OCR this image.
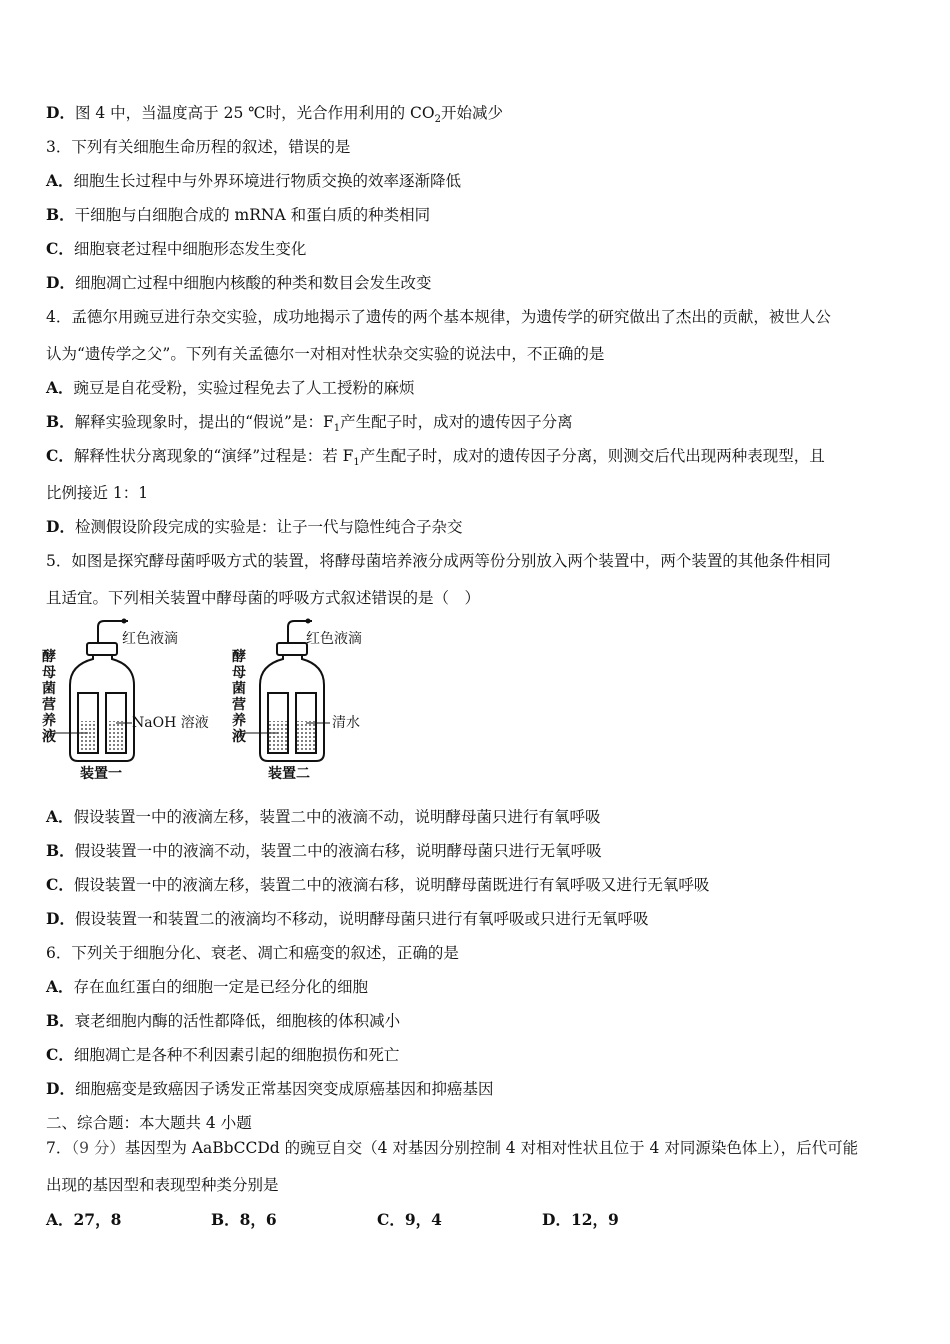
D．图 4 中，当温度高于 25 ℃时，光合作用利用的 $CO_2$开始减少
3．下列有关细胞生命历程的叙述，错误的是
A．细胞生长过程中与外界环境进行物质交换的效率逐渐降低
B．干细胞与白细胞合成的 mRNA 和蛋白质的种类相同
C．细胞衰老过程中细胞形态发生变化
D．细胞凋亡过程中细胞内核酸的种类和数目会发生改变
4．孟德尔用豌豆进行杂交实验，成功地揭示了遗传的两个基本规律，为遗传学的研究做出了杰出的贡献，被世人公
认为“遗传学之父”。下列有关孟德尔一对相对性状杂交实验的说法中，不正确的是
A．豌豆是自花受粉，实验过程免去了人工授粉的麻烦
B．解释实验现象时，提出的“假说”是：$F_1$产生配子时，成对的遗传因子分离
C．解释性状分离现象的“演绎”过程是：若 $F_1$产生配子时，成对的遗传因子分离，则测交后代出现两种表现型，且
比例接近 1：1
D．检测假设阶段完成的实验是：让子一代与隐性纯合子杂交
5．如图是探究酵母菌呼吸方式的装置，将酵母菌培养液分成两等份分别放入两个装置中，两个装置的其他条件相同
且适宜。下列相关装置中酵母菌的呼吸方式叙述错误的是（　）
红色液滴	红色液滴
NaOH 溶液	清水
装置一	装置二
酵
母
菌
营
养
液
酵
母
菌
营
养
液
A．假设装置一中的液滴左移，装置二中的液滴不动，说明酵母菌只进行有氧呼吸
B．假设装置一中的液滴不动，装置二中的液滴右移，说明酵母菌只进行无氧呼吸
C．假设装置一中的液滴左移，装置二中的液滴右移，说明酵母菌既进行有氧呼吸又进行无氧呼吸
D．假设装置一和装置二的液滴均不移动，说明酵母菌只进行有氧呼吸或只进行无氧呼吸
6．下列关于细胞分化、衰老、凋亡和癌变的叙述，正确的是
A．存在血红蛋白的细胞一定是已经分化的细胞
B．衰老细胞内酶的活性都降低，细胞核的体积减小
C．细胞凋亡是各种不利因素引起的细胞损伤和死亡
D．细胞癌变是致癌因子诱发正常基因突变成原癌基因和抑癌基因
二、综合题：本大题共 4 小题
7．（9 分）基因型为 AaBbCCDd 的豌豆自交（4 对基因分别控制 4 对相对性状且位于 4 对同源染色体上），后代可能
出现的基因型和表现型种类分别是
A．27，8	B．8，6	C．9，4	D．12，9
